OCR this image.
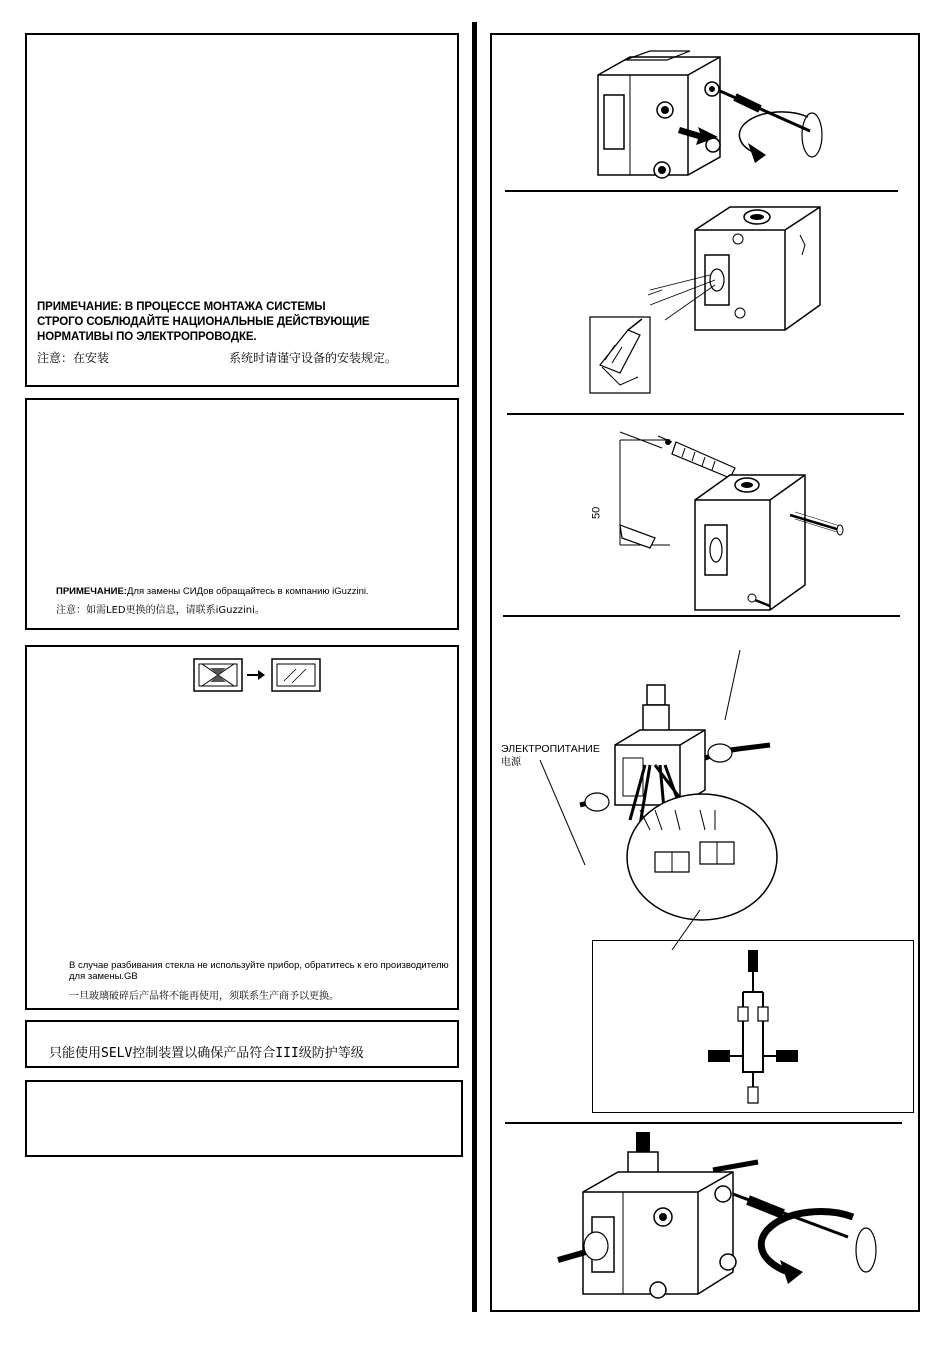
ПРИМЕЧАНИЕ: В ПРОЦЕССЕ МОНТАЖА СИСТЕМЫ
СТРОГО СОБЛЮДАЙТЕ НАЦИОНАЛЬНЫЕ ДЕЙСТВУЮЩИЕ
НОРМАТИВЫ ПО ЭЛЕКТРОПРОВОДКЕ.
注意：在安装	系统时请谨守设备的安装规定。
ПРИМЕЧАНИЕ:Для замены СИДов обращайтесь в компанию iGuzzini.
注意：如需LED更换的信息，请联系iGuzzini。
В случае разбивания стекла не используйте прибор, обратитесь к его производителю
для замены.GB
一旦玻璃破碎后产品将不能再使用，须联系生产商予以更换。
只能使用SELV控制装置以确保产品符合III级防护等级
50
ЭЛЕКТРОПИТАНИЕ
电源
